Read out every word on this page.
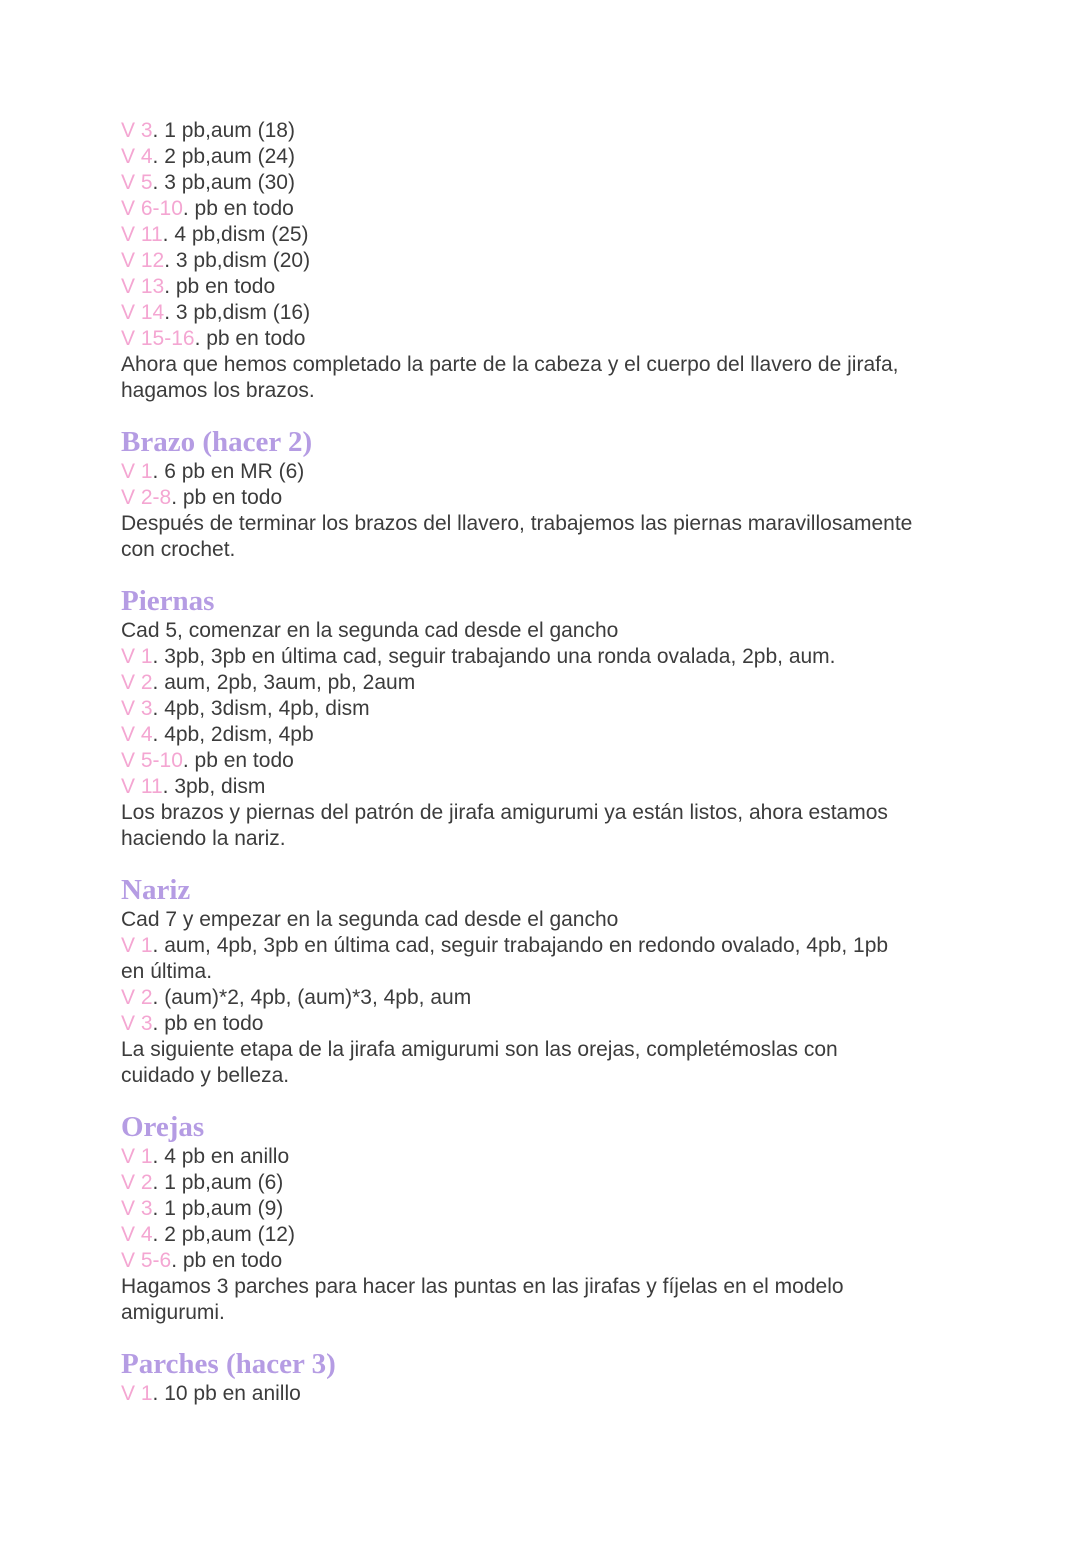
V 3. 1 pb,aum (18)
V 4. 2 pb,aum (24)
V 5. 3 pb,aum (30)
V 6-10. pb en todo
V 11. 4 pb,dism (25)
V 12. 3 pb,dism (20)
V 13. pb en todo
V 14. 3 pb,dism (16)
V 15-16. pb en todo
Ahora que hemos completado la parte de la cabeza y el cuerpo del llavero de jirafa,
hagamos los brazos.
Brazo (hacer 2)
V 1. 6 pb en MR (6)
V 2-8. pb en todo
Después de terminar los brazos del llavero, trabajemos las piernas maravillosamente
con crochet.
Piernas
Cad 5, comenzar en la segunda cad desde el gancho
V 1. 3pb, 3pb en última cad, seguir trabajando una ronda ovalada, 2pb, aum.
V 2. aum, 2pb, 3aum, pb, 2aum
V 3. 4pb, 3dism, 4pb, dism
V 4. 4pb, 2dism, 4pb
V 5-10. pb en todo
V 11. 3pb, dism
Los brazos y piernas del patrón de jirafa amigurumi ya están listos, ahora estamos
haciendo la nariz.
Nariz
Cad 7 y empezar en la segunda cad desde el gancho
V 1. aum, 4pb, 3pb en última cad, seguir trabajando en redondo ovalado, 4pb, 1pb
en última.
V 2. (aum)*2, 4pb, (aum)*3, 4pb, aum
V 3. pb en todo
La siguiente etapa de la jirafa amigurumi son las orejas, completémoslas con
cuidado y belleza.
Orejas
V 1. 4 pb en anillo
V 2. 1 pb,aum (6)
V 3. 1 pb,aum (9)
V 4. 2 pb,aum (12)
V 5-6. pb en todo
Hagamos 3 parches para hacer las puntas en las jirafas y fíjelas en el modelo
amigurumi.
Parches (hacer 3)
V 1. 10 pb en anillo
